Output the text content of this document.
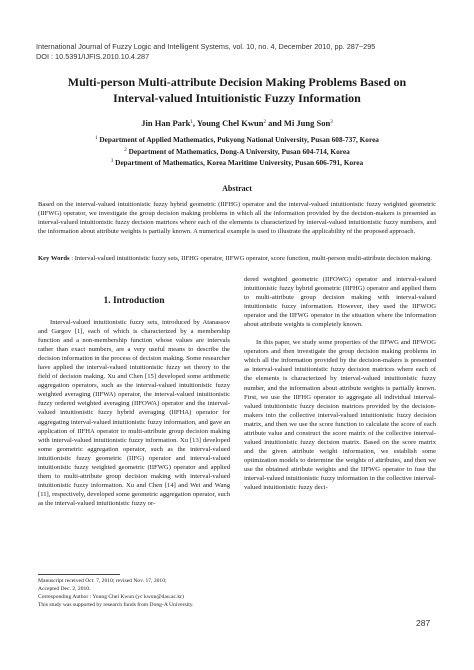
International Journal of Fuzzy Logic and Intelligent Systems, vol. 10, no. 4, December 2010, pp. 287−295
DOI : 10.5391/IJFIS.2010.10.4.287
Multi-person Multi-attribute Decision Making Problems Based on
Interval-valued Intuitionistic Fuzzy Information
Jin Han Park$^1$, Young Chel Kwun$^2$ and Mi Jung Son$^3$
$^1$ Department of Applied Mathematics, Pukyong National University, Pusan 608-737, Korea
$^2$ Department of Mathematics, Dong-A University, Pusan 604-714, Korea
$^3$ Department of Mathematics, Korea Maritime University, Pusan 606-791, Korea
Abstract
Based on the interval-valued intuitionistic fuzzy hybrid geometric (IIFHG) operator and the interval-valued intuitionistic fuzzy weighted geometric (IIFWG) operator, we investigate the group decision making problems in which all the information provided by the decision-makers is presented as interval-valued intuitionistic fuzzy decision matrices where each of the elements is characterized by interval-valued intuitionistic fuzzy numbers, and the information about attribute weights is partially known. A numerical example is used to illustrate the applicability of the proposed approach.
Key Words : Interval-valued intuitionistic fuzzy sets, IIFHG operator, IIFWG operator, score function, multi-person multi-attribute decision making.
1. Introduction

Interval-valued intuitionistic fuzzy sets, introduced by Atanassov and Gargov [1], each of which is characterized by a membership function and a non-membership function whose values are intervals rather than exact numbers, are a very useful means to describe the decision information in the process of decision making. Some researcher have applied the interval-valued intuitionistic fuzzy set theory to the field of decision making. Xu and Chen [15] developed some arithmetic aggregation operators, such as the interval-valued intuitionistic fuzzy weighted averaging (IIFWA) operator, the interval-valued intuitionistic fuzzy ordered weighted averaging (IIFOWA) operator and the interval-valued intuitionistic fuzzy hybrid averaging (IIFHA) operator for aggregating interval-valued intuitionistic fuzzy information, and gave an application of IIFHA operator to multi-attribute group decision making with interval-valued intuitionistic fuzzy information. Xu [13] developed some geometric aggregation operator, such as the interval-valued intuitionistic fuzzy geometric (IIFG) operator and interval-valued intuitionistic fuzzy weighted geometric (IIFWG) operator and applied them to multi-attribute group decision making with interval-valued intuitionistic fuzzy information. Xu and Chen [14] and Wei and Wang [11], respectively, developed some geometric aggregation operator, such as the interval-valued intuitionistic fuzzy or-

dered weighted geometric (IIFOWG) operator and interval-valued intuitionistic fuzzy hybrid geometric (IIFHG) operator and applied them to multi-attribute group decision making with interval-valued intuitionistic fuzzy information. However, they used the IIFWOG operator and the IIFWG operator in the situation where the information about attribute weights is completely known.

In this paper, we study some properties of the IIFWG and IIFWOG operators and then investigate the group decision making problems in which all the information provided by the decision-makers is presented as interval-valued intuitionistic fuzzy decision matrices where each of the elements is characterized by interval-valued intuitionistic fuzzy number, and the information about attribute weights is partially known. First, we use the IIFHG operator to aggregate all individual interval-valued intuitionistic fuzzy decision matrices provided by the decision-makers into the collective interval-valued intuitionistic fuzzy decision matrix, and then we use the score function to calculate the score of each attribute value and construct the score matrix of the collective interval-valued intuitionistic fuzzy decision matrix. Based on the score matrix and the given attribute weight information, we establish some optimization models to determine the weights of attributes, and then we use the obtained attribute weights and the IIFWG operator to fuse the interval-valued intuitionistic fuzzy information in the collective interval-valued intuitionistic fuzzy deci-

Manuscript received Oct. 7, 2010; revised Nov. 17, 2010;
Accepted Dec. 2, 2010.
Corresponding Author : Young Chel Kwun (yc kwun@dau.ac.kr)
This study was supported by research funds from Dong-A University.
287
